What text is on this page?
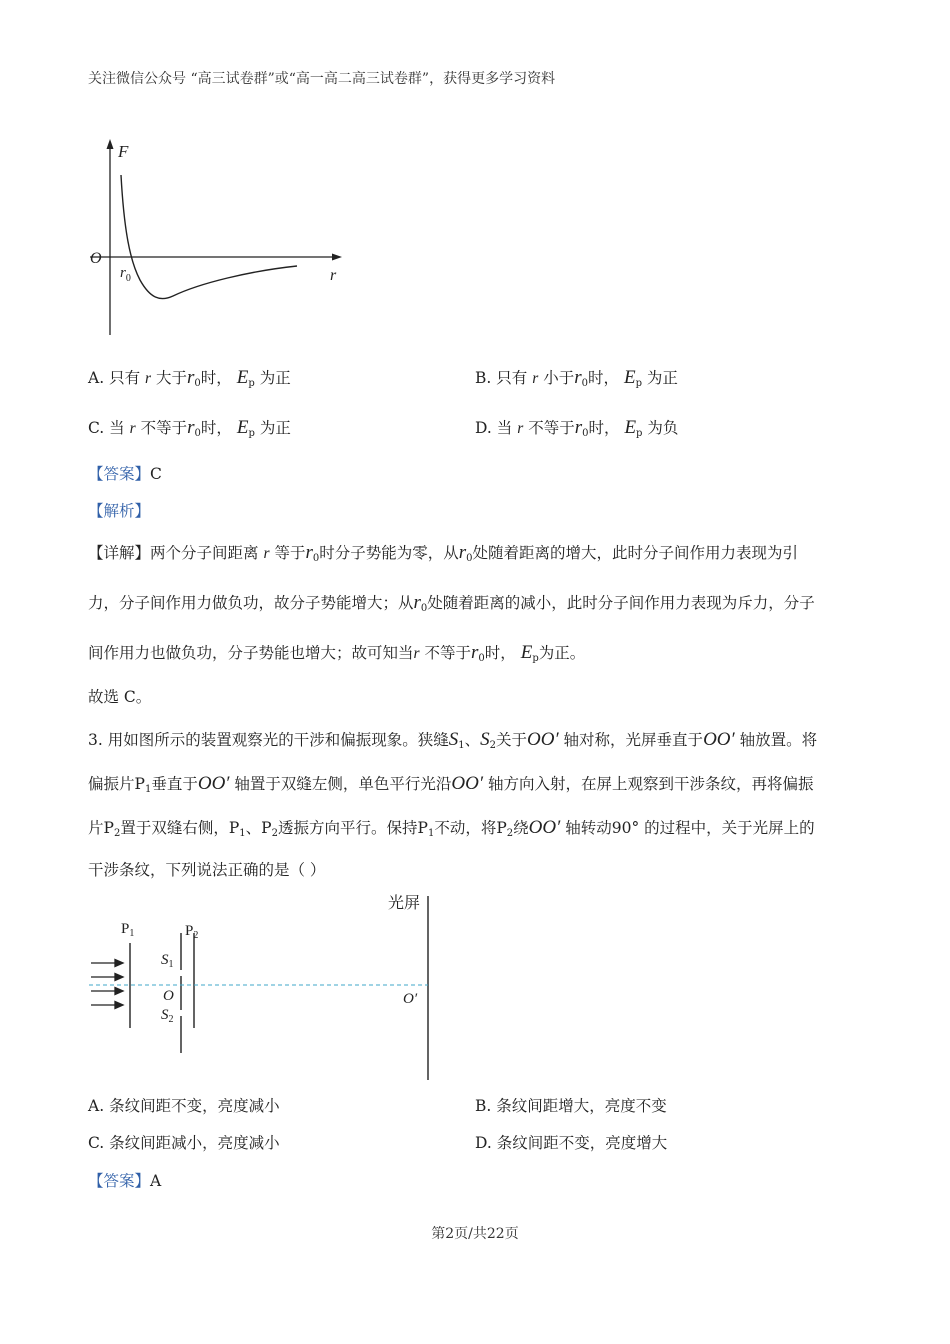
关注微信公众号 “高三试卷群”或“高一高二高三试卷群”，获得更多学习资料
F
O
r
$r_0$
A. 只有 r 大于$r_0$时， $E_p$ 为正	B. 只有 r 小于$r_0$时， $E_p$ 为正
C. 当 r 不等于$r_0$时， $E_p$ 为正	D. 当 r 不等于$r_0$时， $E_p$ 为负
【答案】C
【解析】
【详解】两个分子间距离 r 等于$r_0$时分子势能为零，从$r_0$处随着距离的增大，此时分子间作用力表现为引
力，分子间作用力做负功，故分子势能增大；从$r_0$处随着距离的减小，此时分子间作用力表现为斥力，分子
间作用力也做负功，分子势能也增大；故可知当r 不等于$r_0$时， $E_p$为正。
故选 C。
3. 用如图所示的装置观察光的干涉和偏振现象。狭缝$S_1$、$S_2$关于OO′ 轴对称，光屏垂直于OO′ 轴放置。将
偏振片$P_1$垂直于OO′ 轴置于双缝左侧，单色平行光沿OO′ 轴方向入射，在屏上观察到干涉条纹，再将偏振
片$P_2$置于双缝右侧，$P_1$、$P_2$透振方向平行。保持$P_1$不动，将$P_2$绕OO′ 轴转动90° 的过程中，关于光屏上的
干涉条纹，下列说法正确的是（ ）
光屏
$P_1$	$P_2$
$S_1$
O
$S_2$
O′
A. 条纹间距不变，亮度减小	B. 条纹间距增大，亮度不变
C. 条纹间距减小，亮度减小	D. 条纹间距不变，亮度增大
【答案】A
第2页/共22页
